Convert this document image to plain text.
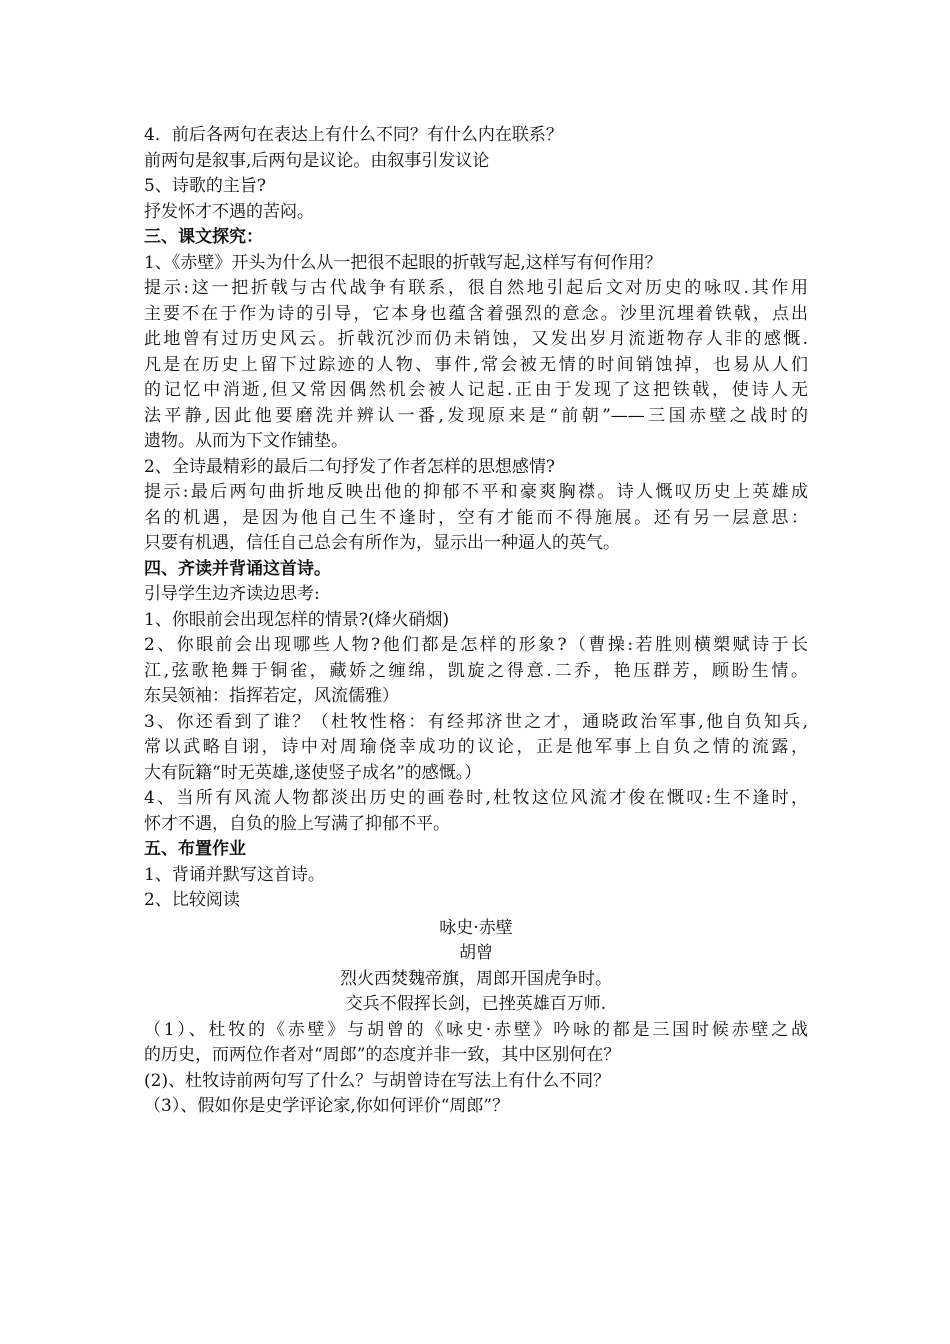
4．前后各两句在表达上有什么不同？有什么内在联系？

前两句是叙事,后两句是议论。由叙事引发议论

5、诗歌的主旨?

抒发怀才不遇的苦闷。

三、课文探究：

1、《赤壁》开头为什么从一把很不起眼的折戟写起,这样写有何作用？

提示:这一把折戟与古代战争有联系，很自然地引起后文对历史的咏叹.其作用

主要不在于作为诗的引导，它本身也蕴含着强烈的意念。沙里沉埋着铁戟，点出

此地曾有过历史风云。折戟沉沙而仍未销蚀，又发出岁月流逝物存人非的感慨.

凡是在历史上留下过踪迹的人物、事件,常会被无情的时间销蚀掉，也易从人们

的记忆中消逝,但又常因偶然机会被人记起.正由于发现了这把铁戟，使诗人无

法平静,因此他要磨洗并辨认一番,发现原来是“前朝”——三国赤壁之战时的

遗物。从而为下文作铺垫。

2、全诗最精彩的最后二句抒发了作者怎样的思想感情?

提示:最后两句曲折地反映出他的抑郁不平和豪爽胸襟。诗人慨叹历史上英雄成

名的机遇，是因为他自己生不逢时，空有才能而不得施展。还有另一层意思：

只要有机遇，信任自己总会有所作为，显示出一种逼人的英气。

四、齐读并背诵这首诗。

引导学生边齐读边思考:

1、你眼前会出现怎样的情景?(烽火硝烟)

2、你眼前会出现哪些人物?他们都是怎样的形象?（曹操:若胜则横槊赋诗于长

江,弦歌艳舞于铜雀，藏娇之缠绵，凯旋之得意.二乔，艳压群芳，顾盼生情。

东吴领袖：指挥若定，风流儒雅）

3、你还看到了谁？（杜牧性格：有经邦济世之才，通晓政治军事,他自负知兵,

常以武略自诩，诗中对周瑜侥幸成功的议论，正是他军事上自负之情的流露，

大有阮籍“时无英雄,遂使竖子成名”的感慨。）

4、当所有风流人物都淡出历史的画卷时,杜牧这位风流才俊在慨叹:生不逢时，

怀才不遇，自负的脸上写满了抑郁不平。

五、布置作业

1、背诵并默写这首诗。

2、比较阅读

咏史·赤壁

胡曾

烈火西焚魏帝旗，周郎开国虎争时。

交兵不假挥长剑，已挫英雄百万师.

（1）、杜牧的《赤壁》与胡曾的《咏史·赤壁》吟咏的都是三国时候赤壁之战

的历史，而两位作者对“周郎”的态度并非一致，其中区别何在？

(2)、杜牧诗前两句写了什么？与胡曾诗在写法上有什么不同？

（3）、假如你是史学评论家,你如何评价“周郎”？
